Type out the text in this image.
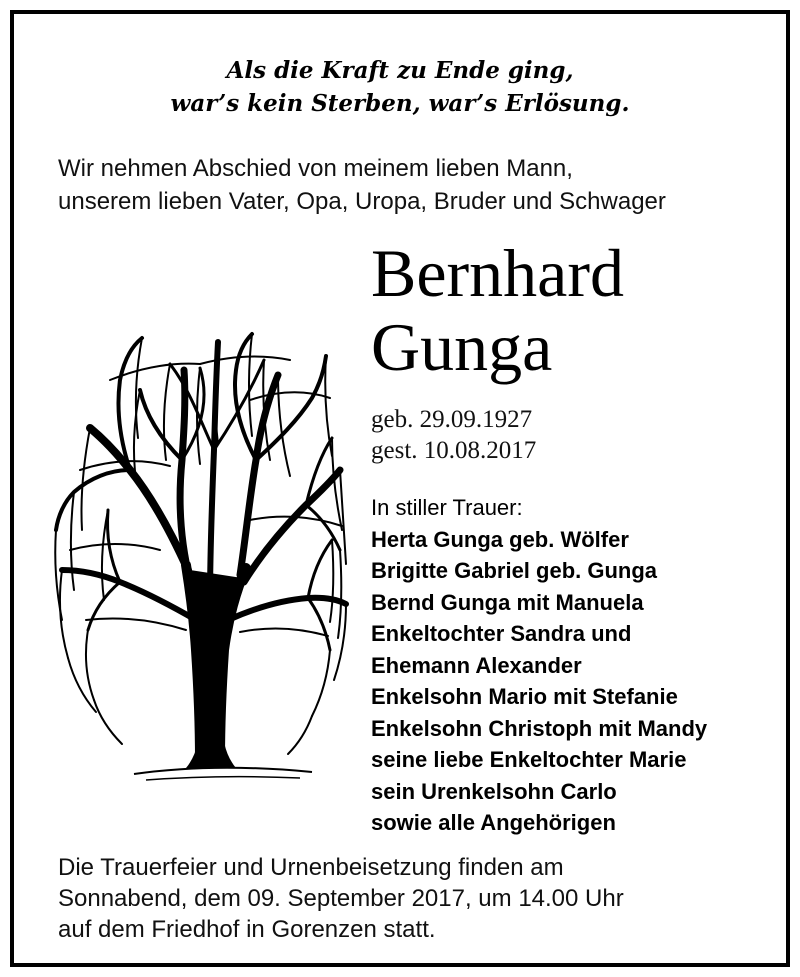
Als die Kraft zu Ende ging,
war’s kein Sterben, war’s Erlösung.
Wir nehmen Abschied von meinem lieben Mann,
unserem lieben Vater, Opa, Uropa, Bruder und Schwager
Bernhard
Gunga
geb. 29.09.1927
gest. 10.08.2017
In stiller Trauer:
Herta Gunga geb. Wölfer
Brigitte Gabriel geb. Gunga
Bernd Gunga mit Manuela
Enkeltochter Sandra und
Ehemann Alexander
Enkelsohn Mario mit Stefanie
Enkelsohn Christoph mit Mandy
seine liebe Enkeltochter Marie
sein Urenkelsohn Carlo
sowie alle Angehörigen
Die Trauerfeier und Urnenbeisetzung finden am
Sonnabend, dem 09. September 2017, um 14.00 Uhr
auf dem Friedhof in Gorenzen statt.
